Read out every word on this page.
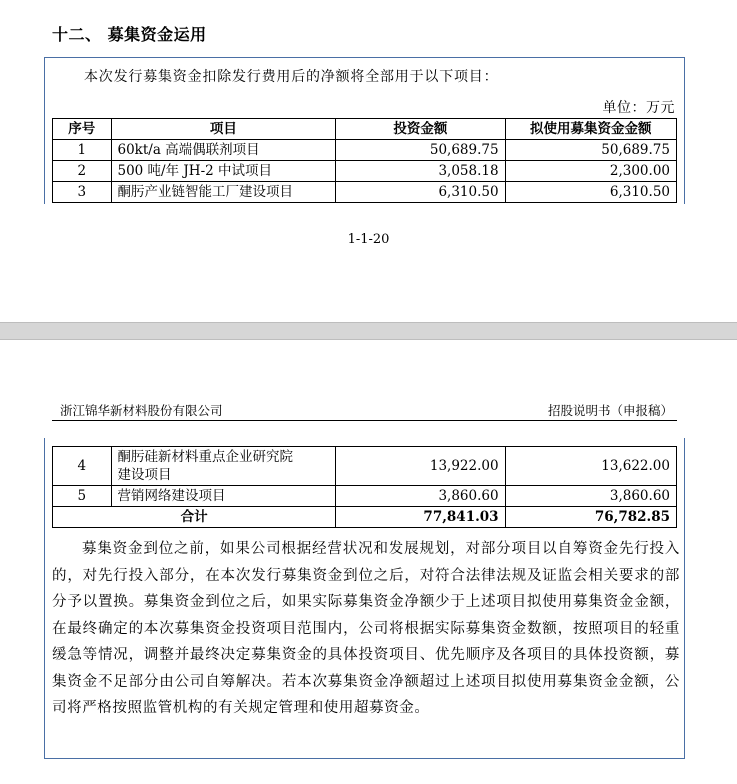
十二、 募集资金运用
本次发行募集资金扣除发行费用后的净额将全部用于以下项目：
单位：万元
序号	项目	投资金额	拟使用募集资金金额
1	60kt/a 高端偶联剂项目	50,689.75	50,689.75
2	500 吨/年 JH-2 中试项目	3,058.18	2,300.00
3	酮肟产业链智能工厂建设项目	6,310.50	6,310.50
1-1-20
浙江锦华新材料股份有限公司	招股说明书（申报稿）
4	酮肟硅新材料重点企业研究院
建设项目	13,922.00	13,622.00
5	营销网络建设项目	3,860.60	3,860.60
合计		77,841.03	76,782.85
募集资金到位之前，如果公司根据经营状况和发展规划，对部分项目以自筹资金先行投入的，对先行投入部分，在本次发行募集资金到位之后，对符合法律法规及证监会相关要求的部分予以置换。募集资金到位之后，如果实际募集资金净额少于上述项目拟使用募集资金金额，在最终确定的本次募集资金投资项目范围内，公司将根据实际募集资金数额，按照项目的轻重缓急等情况，调整并最终决定募集资金的具体投资项目、优先顺序及各项目的具体投资额，募集资金不足部分由公司自筹解决。若本次募集资金净额超过上述项目拟使用募集资金金额，公司将严格按照监管机构的有关规定管理和使用超募资金。
